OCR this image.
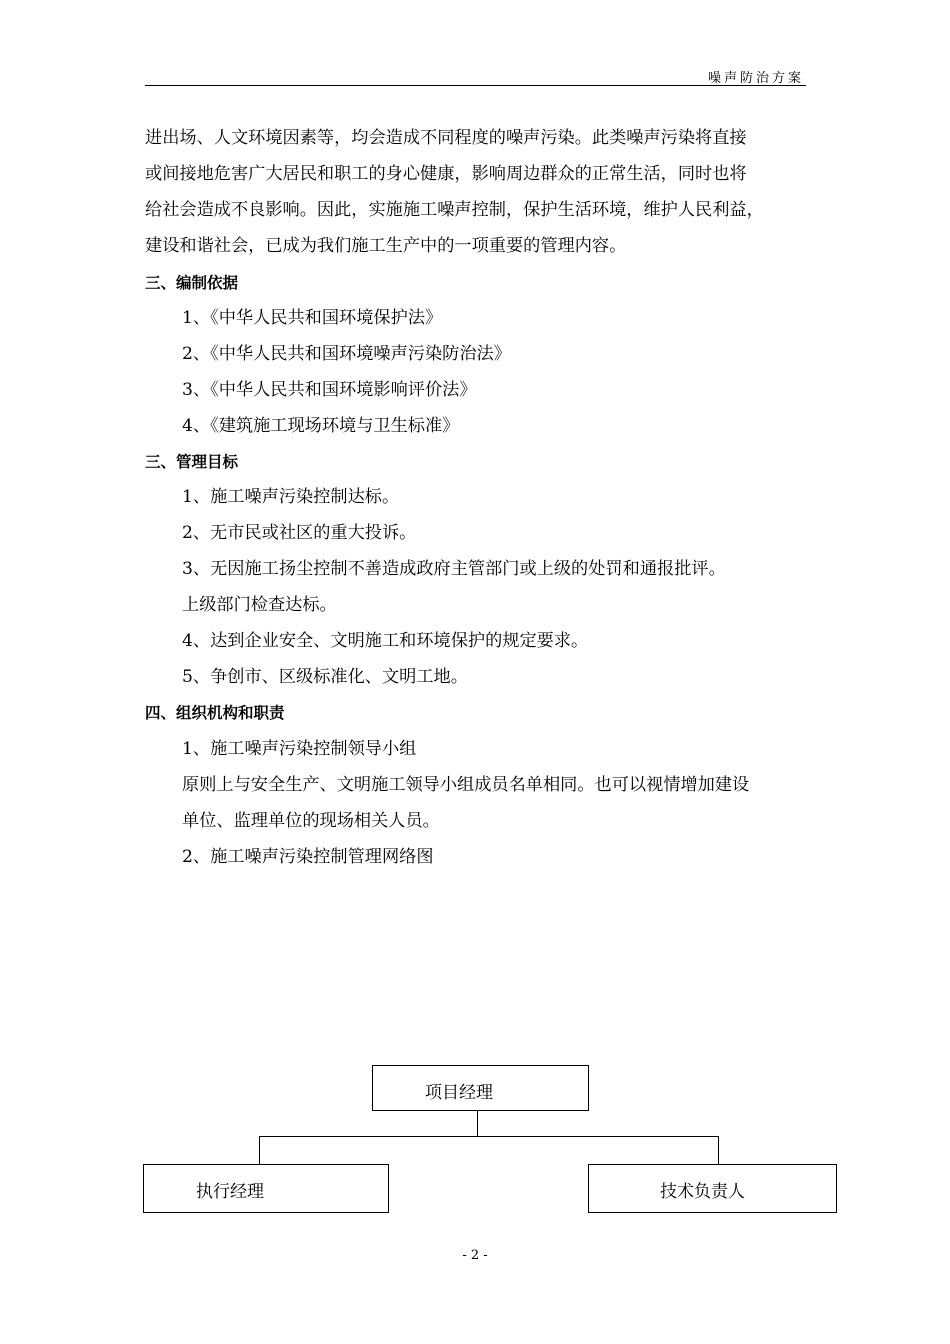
噪声防治方案
进出场、人文环境因素等，均会造成不同程度的噪声污染。此类噪声污染将直接
或间接地危害广大居民和职工的身心健康，影响周边群众的正常生活，同时也将
给社会造成不良影响。因此，实施施工噪声控制，保护生活环境，维护人民利益，
建设和谐社会，已成为我们施工生产中的一项重要的管理内容。
三、编制依据
1、《中华人民共和国环境保护法》
2、《中华人民共和国环境噪声污染防治法》
3、《中华人民共和国环境影响评价法》
4、《建筑施工现场环境与卫生标准》
三、管理目标
1、施工噪声污染控制达标。
2、无市民或社区的重大投诉。
3、无因施工扬尘控制不善造成政府主管部门或上级的处罚和通报批评。
上级部门检查达标。
4、达到企业安全、文明施工和环境保护的规定要求。
5、争创市、区级标准化、文明工地。
四、组织机构和职责
1、施工噪声污染控制领导小组
原则上与安全生产、文明施工领导小组成员名单相同。也可以视情增加建设
单位、监理单位的现场相关人员。
2、施工噪声污染控制管理网络图
项目经理
执行经理	技术负责人
- 2 -
